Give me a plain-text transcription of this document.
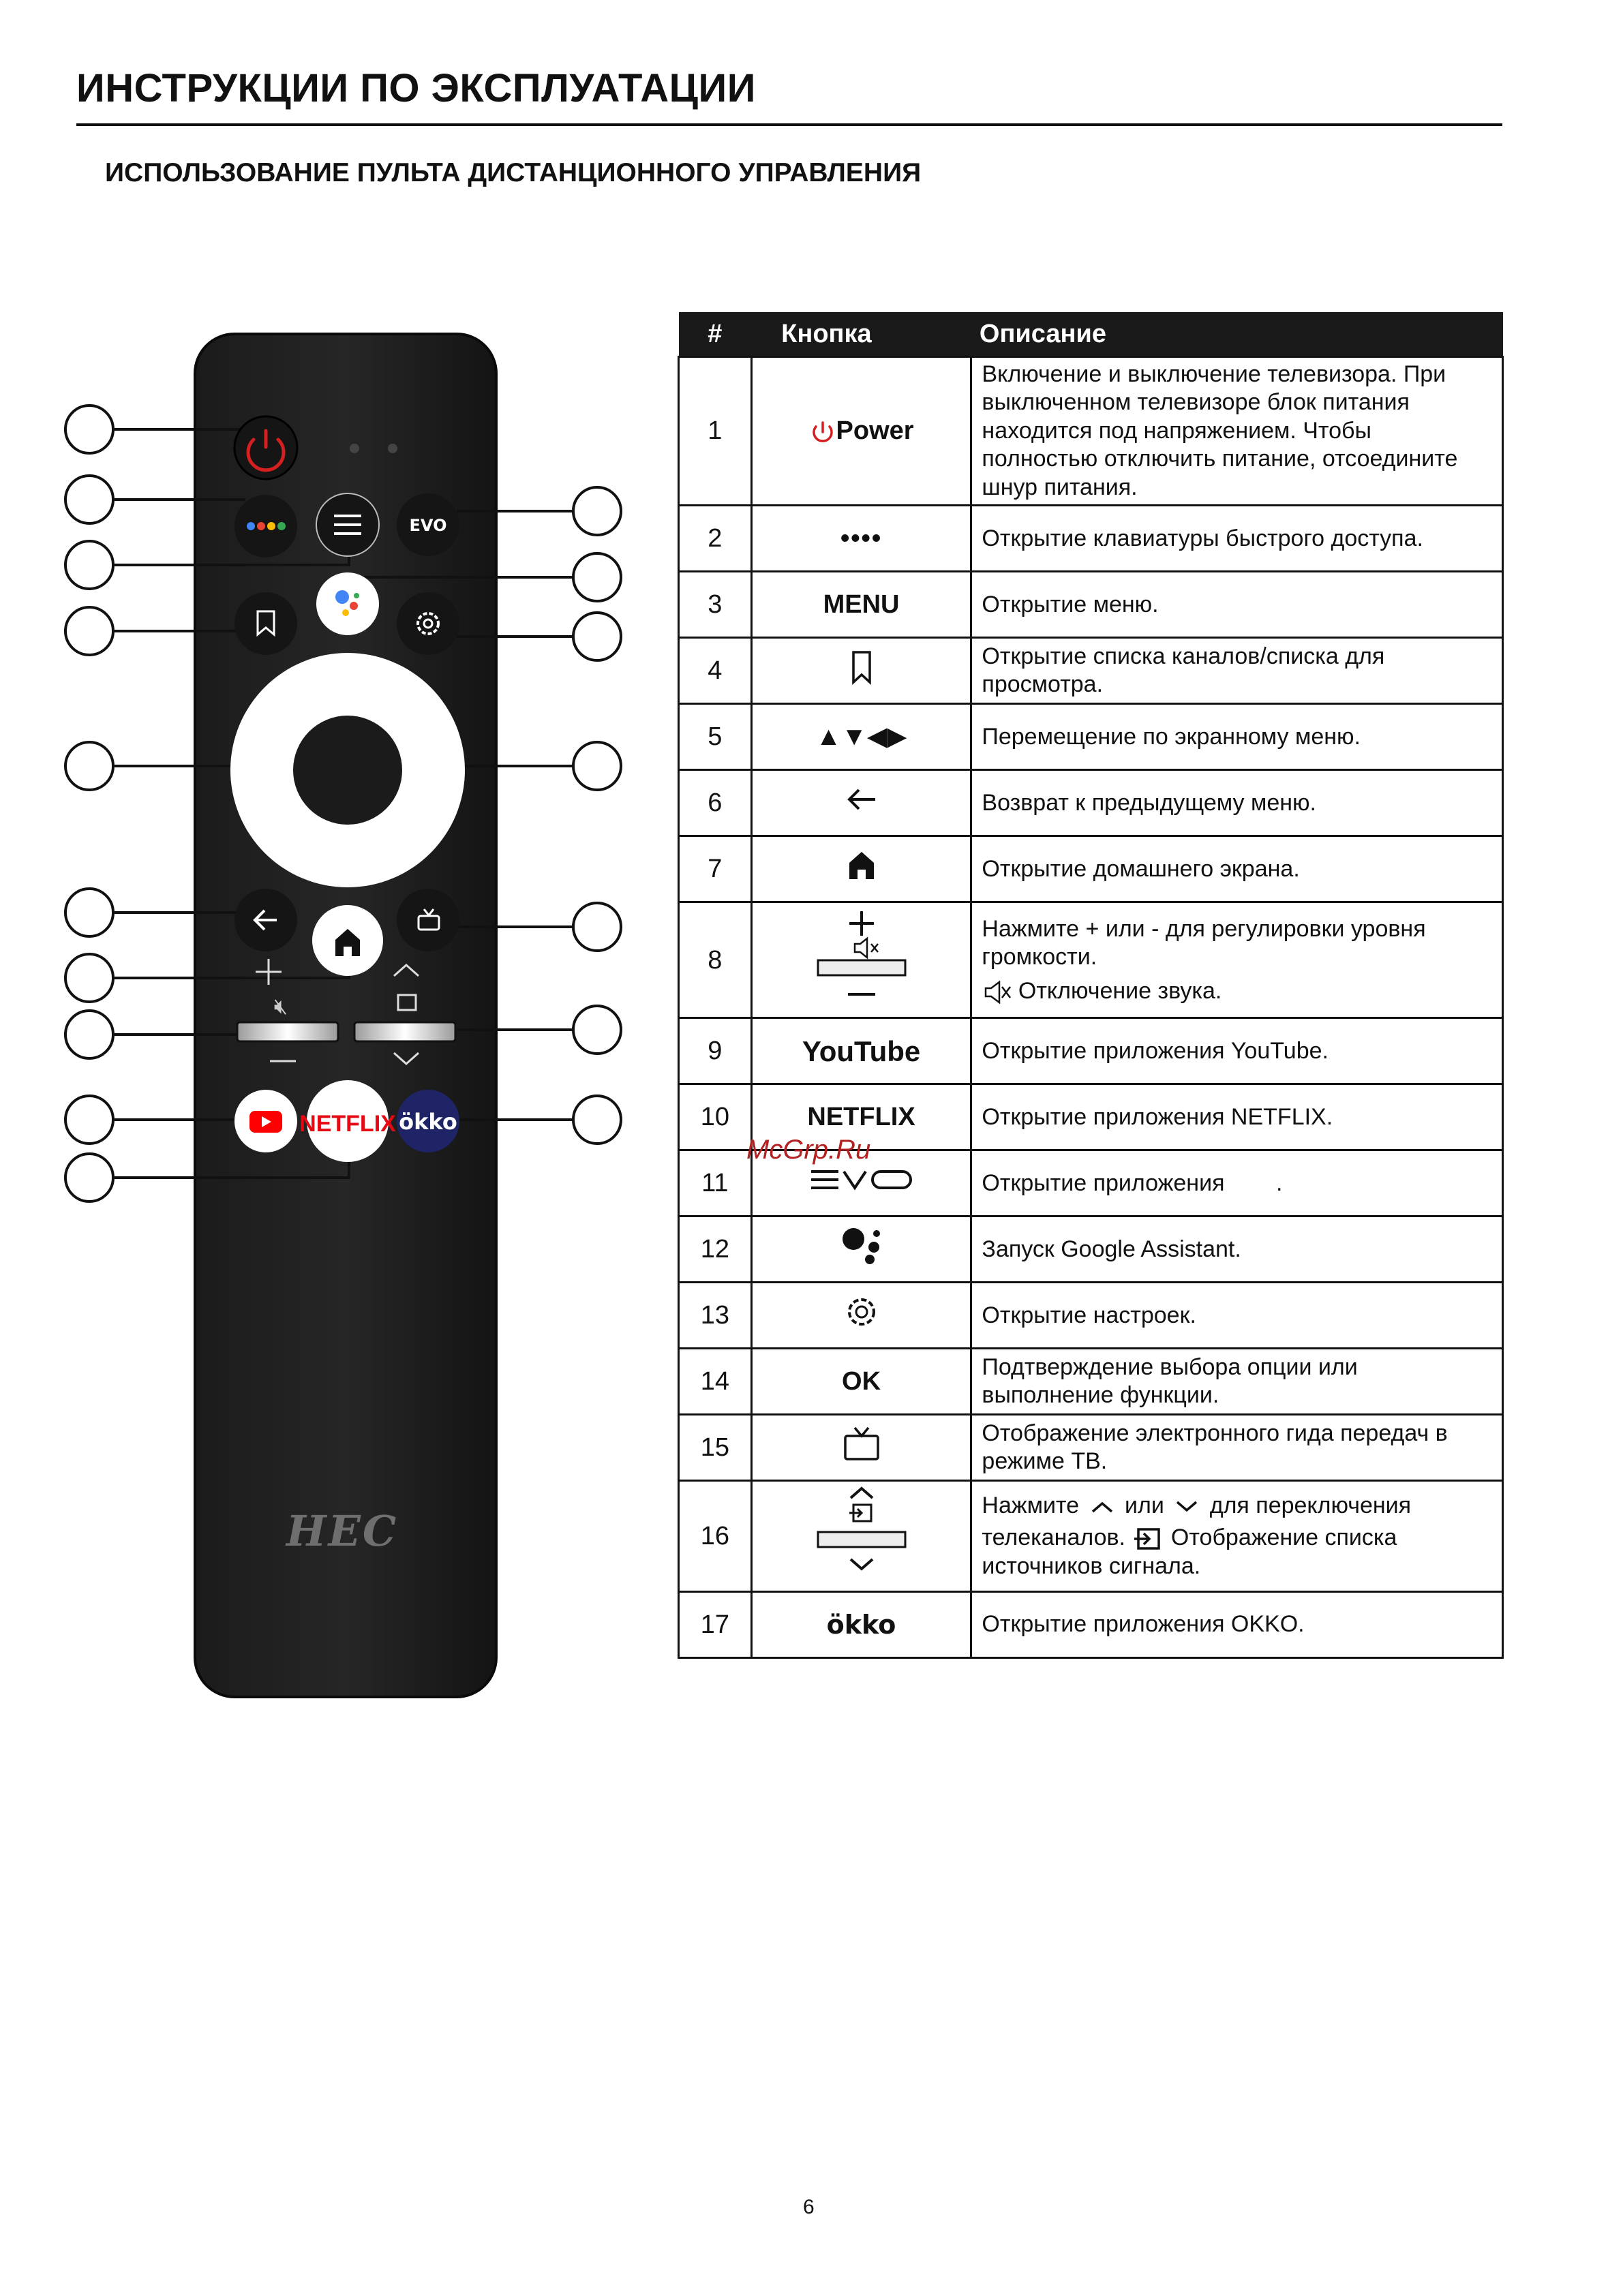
ИНСТРУКЦИИ ПО ЭКСПЛУАТАЦИИ
ИСПОЛЬЗОВАНИЕ ПУЛЬТА ДИСТАНЦИОННОГО УПРАВЛЕНИЯ
EVO
🔇︎
NETFLIX ökko
HEC
#	Кнопка	Описание
1	Power	Включение и выключение телевизора. При выключенном телевизоре блок питания находится под напряжением. Чтобы полностью отключить питание, отсоедините шнур питания.
2	••••	Открытие клавиатуры быстрого доступа.
3	MENU	Открытие меню.
4		Открытие списка каналов/списка для просмотра.
5	▲▼◀▶	Перемещение по экранному меню.
6		Возврат к предыдущему меню.
7		Открытие домашнего экрана.
8		Нажмите + или - для регулировки уровня громкости.
Отключение звука.

9	YouTube	Открытие приложения YouTube.
10	NETFLIX	Открытие приложения NETFLIX.
11		Открытие приложения        .
12		Запуск Google Assistant.
13		Открытие настроек.
14	OK	Подтверждение выбора опции или выполнение функции.
15		Отображение электронного гида передач в режиме ТВ.
16		Нажмите или для переключения
телеканалов. Отображение списка источников сигнала.

17	ökko	Открытие приложения OKKO.
McGrp.Ru
6
